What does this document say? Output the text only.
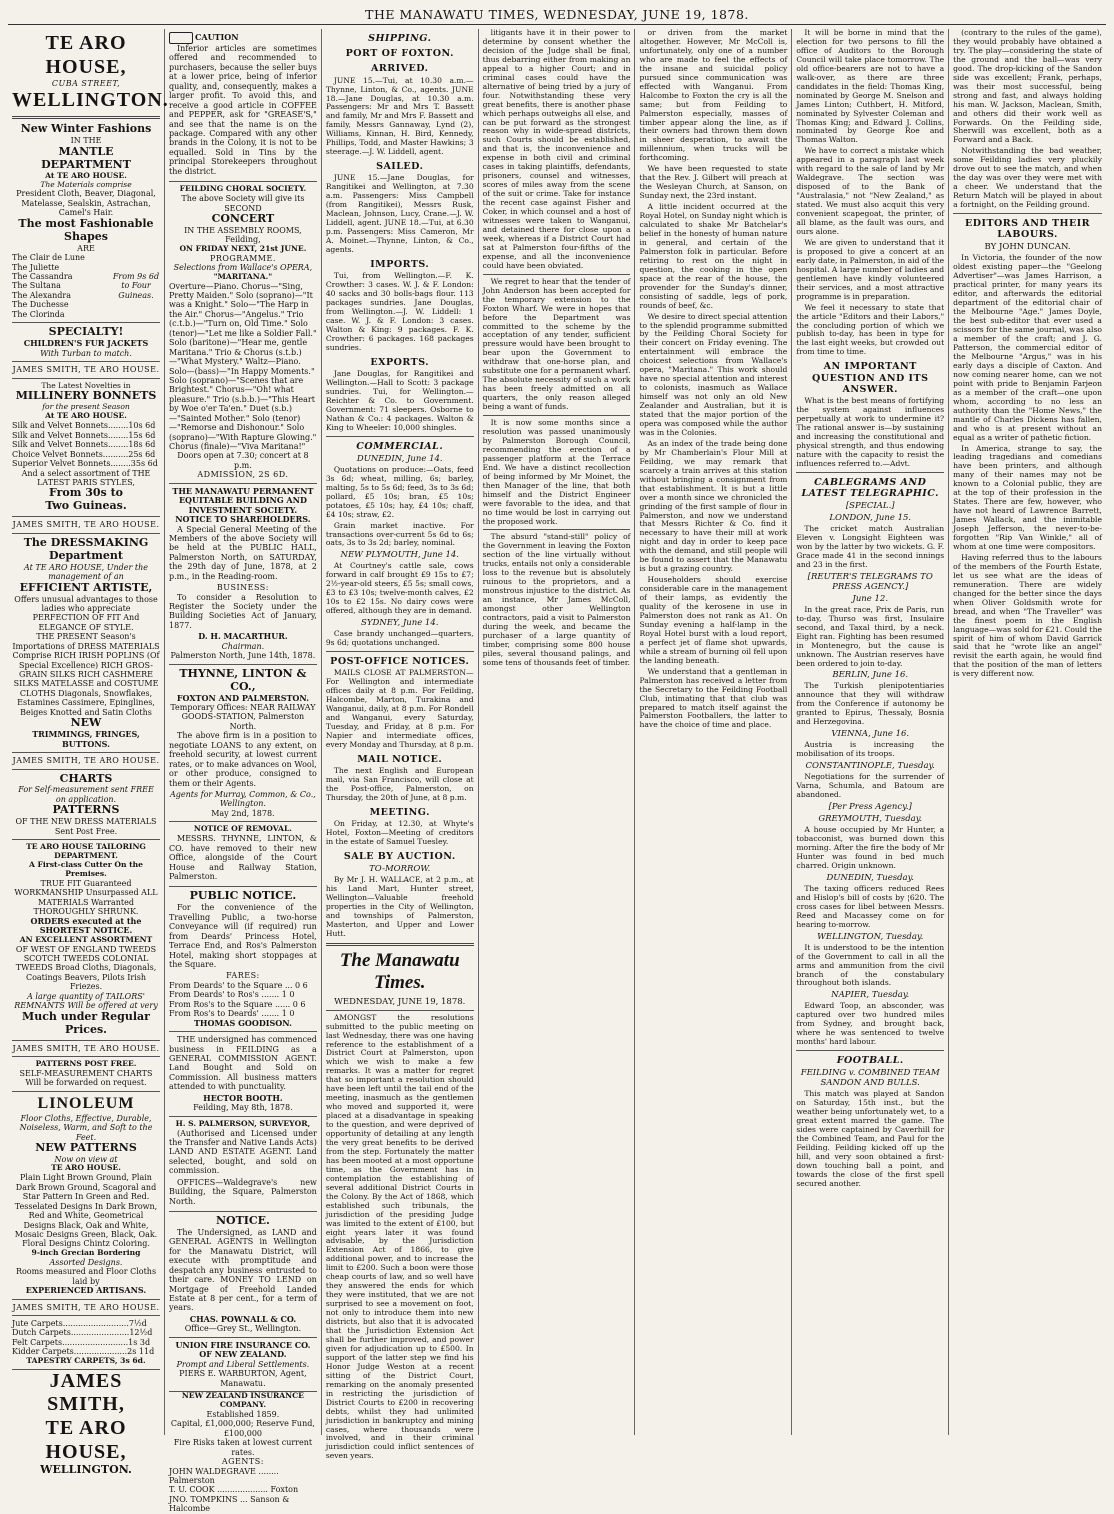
THE MANAWATU TIMES, WEDNESDAY, JUNE 19, 1878.
TE ARO HOUSE,
CUBA STREET,
WELLINGTON.
New Winter Fashions
IN THE
MANTLE DEPARTMENT
At TE ARO HOUSE.
The Materials comprise
President Cloth, Beaver, Diagonal, Matelasse, Sealskin, Astrachan, Camel's Hair.
The most Fashionable Shapes
ARE
The Clair de Lune
The Juliette
The Cassandra
The Sultana
The Alexandra
The Duchesse
The Clorinda
From 9s 6d to Four Guineas.
SPECIALTY!
CHILDREN'S FUR JACKETS
With Turban to match.
JAMES SMITH, TE ARO HOUSE.
The Latest Novelties in
MILLINERY BONNETS
for the present Season
At TE ARO HOUSE.
Silk and Velvet Bonnets........10s 6d
Silk and Velvet Bonnets........15s 6d
Silk and Velvet Bonnets........18s 6d
Choice Velvet Bonnets..........25s 6d
Superior Velvet Bonnets........35s 6d
And a select assortment of THE LATEST PARIS STYLES,
From 30s to
Two Guineas.
JAMES SMITH, TE ARO HOUSE.
The DRESSMAKING Department
At TE ARO HOUSE, Under the management of an
EFFICIENT ARTISTE,
Offers unusual advantages to those ladies who appreciate PERFECTION OF FIT And ELEGANCE OF STYLE.
THE PRESENT Season's Importations of DRESS MATERIALS Comprise RICH IRISH POPLINS (Of Special Excellence) RICH GROS-GRAIN SILKS RICH CASHMERE SILKS MATELASSE and COSTUME CLOTHS Diagonals, Snowflakes, Estamines Cassimere, Epinglines, Beiges Knotted and Satin Cloths
NEW
TRIMMINGS, FRINGES, BUTTONS.
JAMES SMITH, TE ARO HOUSE.
CHARTS
For Self-measurement sent FREE on application.
PATTERNS
OF THE NEW DRESS MATERIALS Sent Post Free.
TE ARO HOUSE TAILORING DEPARTMENT.
A First-class Cutter On the Premises.
TRUE FIT Guaranteed WORKMANSHIP Unsurpassed ALL MATERIALS Warranted THOROUGHLY SHRUNK.
ORDERS executed at the SHORTEST NOTICE.
AN EXCELLENT ASSORTMENT
OF WEST OF ENGLAND TWEEDS SCOTCH TWEEDS COLONIAL TWEEDS Broad Cloths, Diagonals, Coatings Beavers, Pilots Irish Friezes.
A large quantity of TAILORS' REMNANTS Will be offered at very
Much under Regular Prices.
JAMES SMITH, TE ARO HOUSE.
PATTERNS POST FREE.
SELF-MEASUREMENT CHARTS Will be forwarded on request.
LINOLEUM
Floor Cloths, Effective, Durable, Noiseless, Warm, and Soft to the Feet.
NEW PATTERNS
Now on view at
TE ARO HOUSE.
Plain Light Brown Ground, Plain Dark Brown Ground, Scagoral and Star Pattern In Green and Red. Tesselated Designs In Dark Brown, Red and White, Geometrical Designs Black, Oak and White, Mosaic Designs Green, Black, Oak. Floral Designs Chintz Coloring.
9-inch Grecian Bordering
Assorted Designs.
Rooms measured and Floor Cloths laid by
EXPERIENCED ARTISANS.
JAMES SMITH, TE ARO HOUSE.
Jute Carpets..........................7½d
Dutch Carpets.......................12½d
Felt Carpets..........................1s 3d
Kidder Carpets.....................2s 11d
TAPESTRY CARPETS, 3s 6d.
JAMES SMITH,
TE ARO HOUSE,
WELLINGTON.
CAUTION

Inferior articles are sometimes offered and recommended to purchasers, because the seller buys at a lower price, being of inferior quality, and, consequently, makes a larger profit. To avoid this, and receive a good article in COFFEE and PEPPER, ask for "GREASE'S," and see that the name is on the package. Compared with any other brands in the Colony, it is not to be equalled. Sold in Tins by the principal Storekeepers throughout the district.

FEILDING CHORAL SOCIETY.
The above Society will give its SECOND
CONCERT
IN THE ASSEMBLY ROOMS, Feilding,
ON FRIDAY NEXT, 21st JUNE.
PROGRAMME.
Selections from Wallace's OPERA,
"MARITANA."
Overture—Piano. Chorus—"Sing, Pretty Maiden." Solo (soprano)—"It was a Knight." Solo—"The Harp in the Air." Chorus—"Angelus." Trio (c.t.b.)—"Turn on, Old Time." Solo (tenor)—"Let me like a Soldier Fall." Solo (baritone)—"Hear me, gentle Maritana." Trio & Chorus (s.t.b.)—"What Mystery." Waltz—Piano. Solo—(bass)—"In Happy Moments." Solo (soprano)—"Scenes that are Brightest." Chorus—"Oh! what pleasure." Trio (s.b.b.)—"This Heart by Woe o'er Ta'en." Duet (s.b.)—"Sainted Mother." Solo (tenor)—"Remorse and Dishonour." Solo (soprano)—"With Rapture Glowing." Chorus (finale)—"Viva Maritana!"
Doors open at 7.30; concert at 8 p.m.
ADMISSION, 2S 6D.
THE MANAWATU PERMANENT EQUITABLE BUILDING AND INVESTMENT SOCIETY.
NOTICE TO SHAREHOLDERS.

A Special General Meeting of the Members of the above Society will be held at the PUBLIC HALL, Palmerston North, on SATURDAY, the 29th day of June, 1878, at 2 p.m., in the Reading-room.

BUSINESS:

To consider a Resolution to Register the Society under the Building Societies Act of January, 1877.

D. H. MACARTHUR.
Chairman.
Palmerston North, June 14th, 1878.
THYNNE, LINTON & CO.,
FOXTON AND PALMERSTON.
Temporary Offices: NEAR RAILWAY GOODS-STATION, Palmerston North.

The above firm is in a position to negotiate LOANS to any extent, on freehold security, at lowest current rates, or to make advances on Wool, or other produce, consigned to them or their Agents.

Agents for Murray, Common, & Co., Wellington.
May 2nd, 1878.
NOTICE OF REMOVAL.

MESSRS. THYNNE, LINTON, & CO. have removed to their new Office, alongside of the Court House and Railway Station, Palmerston.

PUBLIC NOTICE.

For the convenience of the Travelling Public, a two-horse Conveyance will (if required) run from Deards' Princess Hotel, Terrace End, and Ros's Palmerston Hotel, making short stoppages at the Square.

FARES:
From Deards' to the Square ... 0 6
From Deards' to Ros's ....... 1 0
From Ros's to the Square ...... 0 6
From Ros's to Deards' ....... 1 0
THOMAS GOODISON.

THE undersigned has commenced business in FEILDING as a GENERAL COMMISSION AGENT. Land Bought and Sold on Commission. All business matters attended to with punctuality.

HECTOR BOOTH.
Feilding, May 8th, 1878.
H. S. PALMERSON, SURVEYOR,

(Authorised and Licensed under the Transfer and Native Lands Acts) LAND AND ESTATE AGENT. Land selected, bought, and sold on commission.

OFFICES—Waldegrave's new Building, the Square, Palmerston North.

NOTICE.

The Undersigned, as LAND and GENERAL AGENTS in Wellington for the Manawatu District, will execute with promptitude and despatch any business entrusted to their care. MONEY TO LEND on Mortgage of Freehold Landed Estate at 8 per cent., for a term of years.

CHAS. POWNALL & CO.
Office—Grey St., Wellington.
UNION FIRE INSURANCE CO. OF NEW ZEALAND.
Prompt and Liberal Settlements.
PIERS E. WARBURTON, Agent, Manawatu.
NEW ZEALAND INSURANCE COMPANY.
Established 1859.
Capital, £1,000,000; Reserve Fund, £100,000
Fire Risks taken at lowest current rates.
AGENTS:
JOHN WALDEGRAVE ........ Palmerston
T. U. COOK .................... Foxton
JNO. TOMPKINS ... Sanson & Halcombe
SHIPPING.
PORT OF FOXTON.
ARRIVED.

JUNE 15.—Tui, at 10.30 a.m.—Thynne, Linton, & Co., agents. JUNE 18.—Jane Douglas, at 10.30 a.m. Passengers: Mr and Mrs T. Bassett and family, Mr and Mrs F. Bassett and family, Messrs Gannaway, Lynd (2), Williams, Kinnan, H. Bird, Kennedy, Phillips, Todd, and Master Hawkins; 3 steerage.—J. W. Liddell, agent.

SAILED.

JUNE 15.—Jane Douglas, for Rangitikei and Wellington, at 7.30 a.m. Passengers: Miss Campbell (from Rangitikei), Messrs Rusk, Maclean, Johnson, Lucy, Crane.—J. W. Liddell, agent. JUNE 18.—Tui, at 6.30 p.m. Passengers: Miss Cameron, Mr A. Moinet.—Thynne, Linton, & Co., agents.

IMPORTS.

Tui, from Wellington.—F. K. Crowther: 3 cases. W. J. & F. London: 40 sacks and 30 bolls-bags flour. 113 packages sundries. Jane Douglas, from Wellington.—J. W. Liddell: 1 case. W. J. & F. London: 3 cases. Walton & King: 9 packages. F. K. Crowther: 6 packages. 168 packages sundries.

EXPORTS.

Jane Douglas, for Rangitikei and Wellington.—Hall to Scott: 3 package sundries. Tui, for Wellington.—Reichter & Co. to Government. Government: 71 sleepers. Osborne to Nathan & Co.: 4 packages. Walton & King to Wheeler: 10,000 shingles.

COMMERCIAL.
DUNEDIN, June 14.

Quotations on produce:—Oats, feed 3s 6d; wheat, milling, 6s; barley, malting, 5s to 5s 6d; feed, 3s to 3s 6d; pollard, £5 10s; bran, £5 10s; potatoes, £5 10s; hay, £4 10s; chaff, £4 10s; straw, £2.

Grain market inactive. For transactions over-current 5s 6d to 6s; oats, 3s to 3s 2d; barley, nominal.

NEW PLYMOUTH, June 14.

At Courtney's cattle sale, cows forward in calf brought £9 15s to £7; 2½-year-old steers, £5 5s; small cows, £3 to £3 10s; twelve-month calves, £2 10s to £2 15s. No dairy cows were offered, although they are in demand.

SYDNEY, June 14.

Case brandy unchanged—quarters, 9s 6d; quotations unchanged.

POST-OFFICE NOTICES.

MAILS CLOSE AT PALMERSTON— For Wellington and intermediate offices daily at 8 p.m. For Feilding, Halcombe, Marton, Turakina and Wanganui, daily, at 8 p.m. For Rondell and Wanganui, every Saturday, Tuesday, and Friday, at 8 p.m. For Napier and intermediate offices, every Monday and Thursday, at 8 p.m.

MAIL NOTICE.

The next English and European mail, via San Francisco, will close at the Post-office, Palmerston, on Thursday, the 20th of June, at 8 p.m.

MEETING.

On Friday, at 12.30, at Whyte's Hotel, Foxton—Meeting of creditors in the estate of Samuel Tuesley.

SALE BY AUCTION.
TO-MORROW.

By Mr J. H. WALLACE, at 2 p.m., at his Land Mart, Hunter street, Wellington—Valuable freehold properties in the City of Wellington, and townships of Palmerston, Masterton, and Upper and Lower Hutt.

The Manawatu Times.
WEDNESDAY, JUNE 19, 1878.

AMONGST the resolutions submitted to the public meeting on last Wednesday, there was one having reference to the establishment of a District Court at Palmerston, upon which we wish to make a few remarks. It was a matter for regret that so important a resolution should have been left until the tail end of the meeting, inasmuch as the gentlemen who moved and supported it, were placed at a disadvantage in speaking to the question, and were deprived of opportunity of detailing at any length the very great benefits to be derived from the step. Fortunately the matter has been mooted at a most opportune time, as the Government has in contemplation the establishing of several additional District Courts in the Colony. By the Act of 1868, which established such tribunals, the jurisdiction of the presiding Judge was limited to the extent of £100, but eight years later it was found advisable, by the Jurisdiction Extension Act of 1866, to give additional power, and to increase the limit to £200. Such a boon were those cheap courts of law, and so well have they answered the ends for which they were instituted, that we are not surprised to see a movement on foot, not only to introduce them into new districts, but also that it is advocated that the Jurisdiction Extension Act shall be further improved, and power given for adjudication up to £500. In support of the latter step we find his Honor Judge Weston at a recent sitting of the District Court, remarking on the anomaly presented in restricting the jurisdiction of District Courts to £200 in recovering debts, whilst they had unlimited jurisdiction in bankruptcy and mining cases, where thousands were involved, and in their criminal jurisdiction could inflict sentences of seven years.

litigants have it in their power to determine by consent whether the decision of the Judge shall be final, thus debarring either from making an appeal to a higher Court; and in criminal cases could have the alternative of being tried by a jury of four. Notwithstanding these very great benefits, there is another phase which perhaps outweighs all else, and can be put forward as the strongest reason why in wide-spread districts, such Courts should be established, and that is, the inconvenience and expense in both civil and criminal cases in taking plaintiffs, defendants, prisoners, counsel and witnesses, scores of miles away from the scene of the suit or crime. Take for instance the recent case against Fisher and Coker, in which counsel and a host of witnesses were taken to Wanganui, and detained there for close upon a week, whereas if a District Court had sat at Palmerston four-fifths of the expense, and all the inconvenience could have been obviated.

We regret to hear that the tender of John Anderson has been accepted for the temporary extension to the Foxton Wharf. We were in hopes that before the Department was committed to the scheme by the acceptation of any tender, sufficient pressure would have been brought to bear upon the Government to withdraw that one-horse plan, and substitute one for a permanent wharf. The absolute necessity of such a work has been freely admitted on all quarters, the only reason alleged being a want of funds.

It is now some months since a resolution was passed unanimously by Palmerston Borough Council, recommending the erection of a passenger platform at the Terrace End. We have a distinct recollection of being informed by Mr Moinet, the then Manager of the line, that both himself and the District Engineer were favorable to the idea, and that no time would be lost in carrying out the proposed work.

The absurd "stand-still" policy of the Government in leaving the Foxton section of the line virtually without trucks, entails not only a considerable loss to the revenue but is absolutely ruinous to the proprietors, and a monstrous injustice to the district. As an instance, Mr James McColl, amongst other Wellington contractors, paid a visit to Palmerston during the week, and became the purchaser of a large quantity of timber, comprising some 800 house piles, several thousand palings, and some tens of thousands feet of timber.

or driven from the market altogether. However, Mr McColl is, unfortunately, only one of a number who are made to feel the effects of the insane and suicidal policy pursued since communication was effected with Wanganui. From Halcombe to Foxton the cry is all the same; but from Feilding to Palmerston especially, masses of timber appear along the line, as if their owners had thrown them down in sheer desperation, to await the millennium, when trucks will be forthcoming.

We have been requested to state that the Rev. J. Gilbert will preach at the Wesleyan Church, at Sanson, on Sunday next, the 23rd instant.

A little incident occurred at the Royal Hotel, on Sunday night which is calculated to shake Mr Batchelar's belief in the honesty of human nature in general, and certain of the Palmerston folk in particular. Before retiring to rest on the night in question, the cooking in the open space at the rear of the house, the provender for the Sunday's dinner, consisting of saddle, legs of pork, rounds of beef, &c.

We desire to direct special attention to the splendid programme submitted by the Feilding Choral Society for their concert on Friday evening. The entertainment will embrace the choicest selections from Wallace's opera, "Maritana." This work should have no special attention and interest to colonists, inasmuch as Wallace himself was not only an old New Zealander and Australian, but it is stated that the major portion of the opera was composed while the author was in the Colonies.

As an index of the trade being done by Mr Chamberlain's Flour Mill at Feilding, we may remark that scarcely a train arrives at this station without bringing a consignment from that establishment. It is but a little over a month since we chronicled the grinding of the first sample of flour in Palmerston, and now we understand that Messrs Richter & Co. find it necessary to have their mill at work night and day in order to keep pace with the demand, and still people will be found to assert that the Manawatu is but a grazing country.

Householders should exercise considerable care in the management of their lamps, as evidently the quality of the kerosene in use in Palmerston does not rank as A1. On Sunday evening a half-lamp in the Royal Hotel burst with a loud report, a perfect jet of flame shot upwards, while a stream of burning oil fell upon the landing beneath.

We understand that a gentleman in Palmerston has received a letter from the Secretary to the Feilding Football Club, intimating that that club was prepared to match itself against the Palmerston Footballers, the latter to have the choice of time and place.

It will be borne in mind that the election for two persons to fill the office of Auditors to the Borough Council will take place tomorrow. The old office-bearers are not to have a walk-over, as there are three candidates in the field: Thomas King, nominated by George M. Snelson and James Linton; Cuthbert, H. Mitford, nominated by Sylvester Coleman and Thomas King; and Edward J. Collins, nominated by George Roe and Thomas Walton.

We have to correct a mistake which appeared in a paragraph last week with regard to the sale of land by Mr Waldegrave. The section was disposed of to the Bank of "Australasia," not "New Zealand," as stated. We must also acquit this very convenient scapegoat, the printer, of all blame, as the fault was ours, and ours alone.

We are given to understand that it is proposed to give a concert at an early date, in Palmerston, in aid of the hospital. A large number of ladies and gentlemen have kindly volunteered their services, and a most attractive programme is in preparation.

We feel it necessary to state that the article "Editors and their Labors," the concluding portion of which we publish to-day, has been in type for the last eight weeks, but crowded out from time to time.

AN IMPORTANT QUESTION AND ITS ANSWER.

What is the best means of fortifying the system against influences perpetually at work to undermine it? The rational answer is—by sustaining and increasing the constitutional and physical strength, and thus endowing nature with the capacity to resist the influences referred to.—Advt.

CABLEGRAMS AND LATEST TELEGRAPHIC.
[SPECIAL.]
LONDON, June 15.

The cricket match Australian Eleven v. Longsight Eighteen was won by the latter by two wickets. G. F. Grace made 41 in the second innings and 23 in the first.

[REUTER'S TELEGRAMS TO PRESS AGENCY.]
June 12.

In the great race, Prix de Paris, run to-day, Thurso was first, Insulaire second, and Taxal third, by a neck. Eight ran. Fighting has been resumed in Montenegro, but the cause is unknown. The Austrian reserves have been ordered to join to-day.

BERLIN, June 16.

The Turkish plenipotentiaries announce that they will withdraw from the Conference if autonomy be granted to Epirus, Thessaly, Bosnia and Herzegovina.

VIENNA, June 16.

Austria is increasing the mobilisation of its troops.

CONSTANTINOPLE, Tuesday.

Negotiations for the surrender of Varna, Schumla, and Batoum are abandoned.

[Per Press Agency.]
GREYMOUTH, Tuesday.

A house occupied by Mr Hunter, a tobacconist, was burned down this morning. After the fire the body of Mr Hunter was found in bed much charred. Origin unknown.

DUNEDIN, Tuesday.

The taxing officers reduced Rees and Hislop's bill of costs by ¦620. The cross cases for libel between Messrs. Reed and Macassey come on for hearing to-morrow.

WELLINGTON, Tuesday.

It is understood to be the intention of the Government to call in all the arms and ammunition from the civil branch of the constabulary throughout both islands.

NAPIER, Tuesday.

Edward Toop, an absconder, was captured over two hundred miles from Sydney, and brought back, where he was sentenced to twelve months' hard labour.

FOOTBALL.
FEILDING v. COMBINED TEAM SANDON AND BULLS.

This match was played at Sandon on Saturday, 15th inst., but the weather being unfortunately wet, to a great extent marred the game. The sides were captained by Caverhill for the Combined Team, and Paul for the Feilding. Feilding kicked off up the hill, and very soon obtained a first-down touching ball a point, and towards the close of the first spell secured another.

(contrary to the rules of the game), they would probably have obtained a try. The play—considering the state of the ground and the ball—was very good. The drop-kicking of the Sandon side was excellent; Frank, perhaps, was their most successful, being strong and fast, and always holding his man. W. Jackson, Maclean, Smith, and others did their work well as Forwards. On the Feilding side, Sherwill was excellent, both as a Forward and a Back.

Notwithstanding the bad weather, some Feilding ladies very pluckily drove out to see the match, and when the day was over they were met with a cheer. We understand that the Return Match will be played in about a fortnight, on the Feilding ground.

EDITORS AND THEIR LABOURS.
BY JOHN DUNCAN.

In Victoria, the founder of the now oldest existing paper—the "Geelong Advertiser"—was James Harrison, a practical printer, for many years its editor, and afterwards the editorial department of the editorial chair of the Melbourne "Age." James Doyle, the best sub-editor that ever used a scissors for the same journal, was also a member of the craft; and J. G. Patterson, the commercial editor of the Melbourne "Argus," was in his early days a disciple of Caxton. And now coming nearer home, can we not point with pride to Benjamin Farjeon as a member of the craft—one upon whom, according to no less an authority than the "Home News," the mantle of Charles Dickens has fallen, and who is at present without an equal as a writer of pathetic fiction.

In America, strange to say, the leading tragedians and comedians have been printers, and although many of their names may not be known to a Colonial public, they are at the top of their profession in the States. There are few, however, who have not heard of Lawrence Barrett, James Wallack, and the inimitable Joseph Jefferson, the never-to-be-forgotten "Rip Van Winkle," all of whom at one time were compositors.

Having referred thus to the labours of the members of the Fourth Estate, let us see what are the ideas of remuneration. There are widely changed for the better since the days when Oliver Goldsmith wrote for bread, and when "The Traveller" was the finest poem in the English language—was sold for £21. Could the spirit of him of whom David Garrick said that he "wrote like an angel" revisit the earth again, he would find that the position of the man of letters is very different now.
